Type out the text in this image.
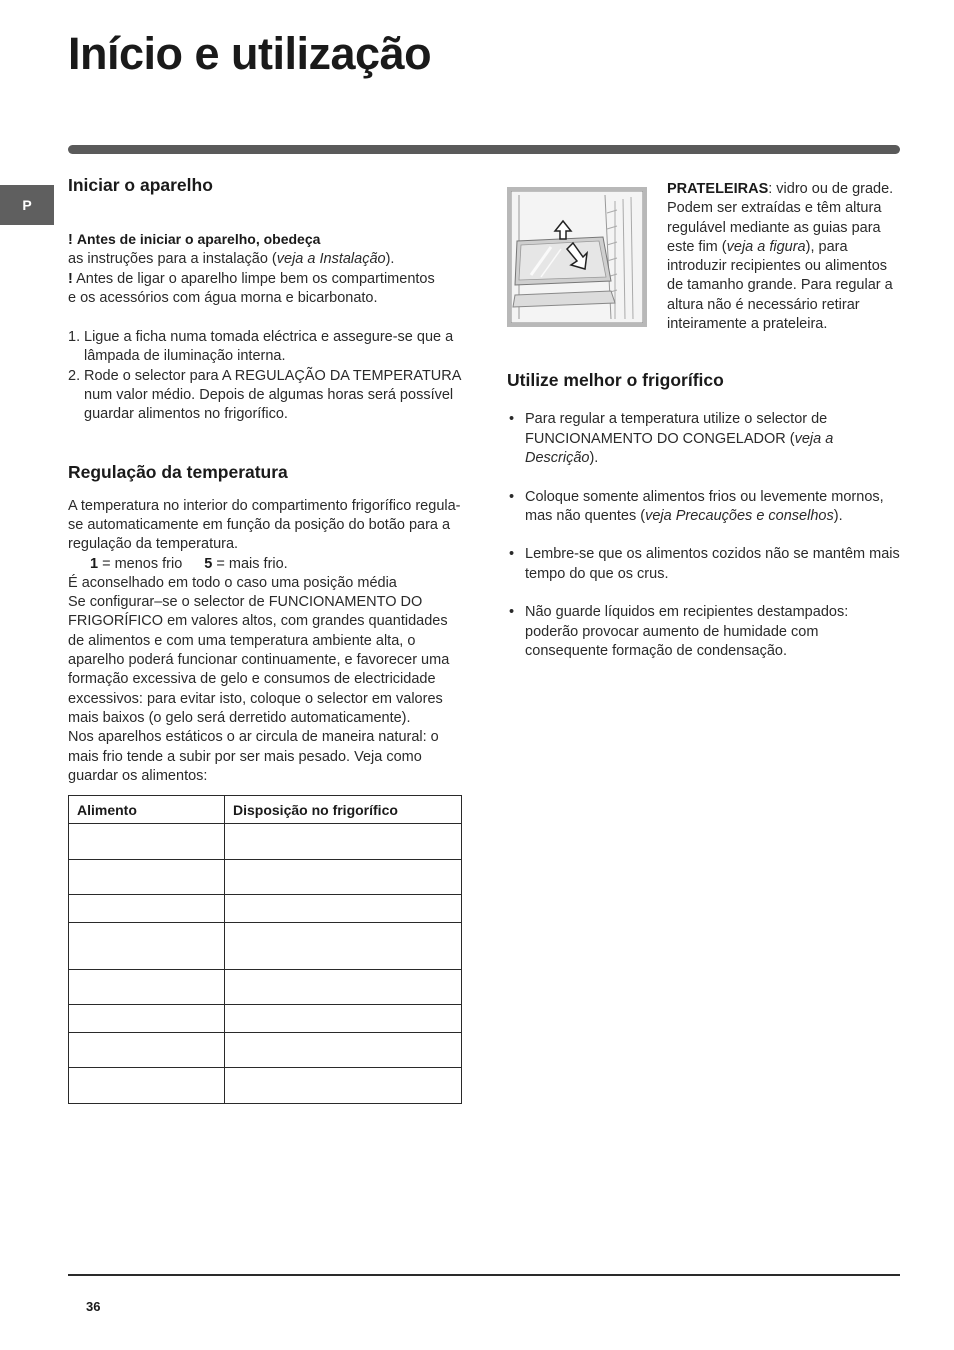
Início e utilização
P
Iniciar o aparelho

! Antes de iniciar o aparelho, obedeça
as instruções para a instalação (veja a Instalação).
! Antes de ligar o aparelho limpe bem os compartimentos
e os acessórios com água morna e bicarbonato.

1. Ligue a ficha numa tomada eléctrica e assegure-se que a lâmpada de iluminação interna.
2. Rode o selector para A REGULAÇÃO DA TEMPERATURA num valor médio. Depois de algumas horas será possível guardar alimentos no frigorífico.
Regulação da temperatura

A temperatura no interior do compartimento frigorífico regula-se automaticamente em função da posição do botão para a regulação da temperatura.

1 = menos frio 5 = mais frio.

É aconselhado em todo o caso uma posição média

Se configurar–se o selector de FUNCIONAMENTO DO FRIGORÍFICO em valores altos, com grandes quantidades de alimentos e com uma temperatura ambiente alta, o aparelho poderá funcionar continuamente, e favorecer uma formação excessiva de gelo e consumos de electricidade excessivos: para evitar isto, coloque o selector em valores mais baixos (o gelo será derretido automaticamente).

Nos aparelhos estáticos o ar circula de maneira natural: o mais frio tende a subir por ser mais pesado. Veja como guardar os alimentos:

Alimento	Disposição no frigorífico

PRATELEIRAS: vidro ou de grade.
Podem ser extraídas e têm altura regulável mediante as guias para este fim (veja a figura), para introduzir recipientes ou alimentos de tamanho grande. Para regular a altura não é necessário retirar inteiramente a prateleira.

Utilize melhor o frigorífico
• Para regular a temperatura utilize o selector de FUNCIONAMENTO DO CONGELADOR (veja a Descrição).
• Coloque somente alimentos frios ou levemente mornos, mas não quentes (veja Precauções e conselhos).
• Lembre-se que os alimentos cozidos não se mantêm mais tempo do que os crus.
• Não guarde líquidos em recipientes destampados: poderão provocar aumento de humidade com consequente formação de condensação.
36
